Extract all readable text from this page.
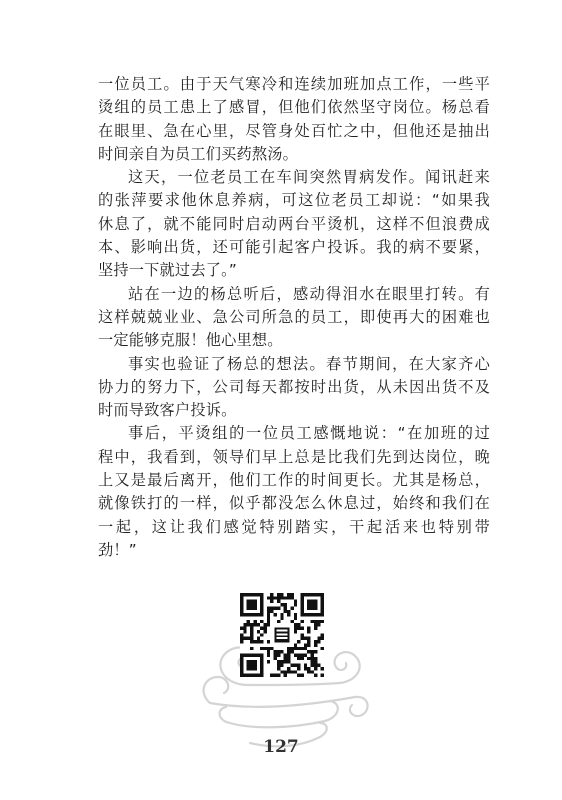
一位员工。由于天气寒冷和连续加班加点工作，一些平
烫组的员工患上了感冒，但他们依然坚守岗位。杨总看
在眼里、急在心里，尽管身处百忙之中，但他还是抽出
时间亲自为员工们买药熬汤。
这天，一位老员工在车间突然胃病发作。闻讯赶来
的张萍要求他休息养病，可这位老员工却说：“如果我
休息了，就不能同时启动两台平烫机，这样不但浪费成
本、影响出货，还可能引起客户投诉。我的病不要紧，
坚持一下就过去了。”
站在一边的杨总听后，感动得泪水在眼里打转。有
这样兢兢业业、急公司所急的员工，即使再大的困难也
一定能够克服！他心里想。
事实也验证了杨总的想法。春节期间，在大家齐心
协力的努力下，公司每天都按时出货，从未因出货不及
时而导致客户投诉。
事后，平烫组的一位员工感慨地说：“在加班的过
程中，我看到，领导们早上总是比我们先到达岗位，晚
上又是最后离开，他们工作的时间更长。尤其是杨总，
就像铁打的一样，似乎都没怎么休息过，始终和我们在
一起，这让我们感觉特别踏实，干起活来也特别带
劲！”
127
